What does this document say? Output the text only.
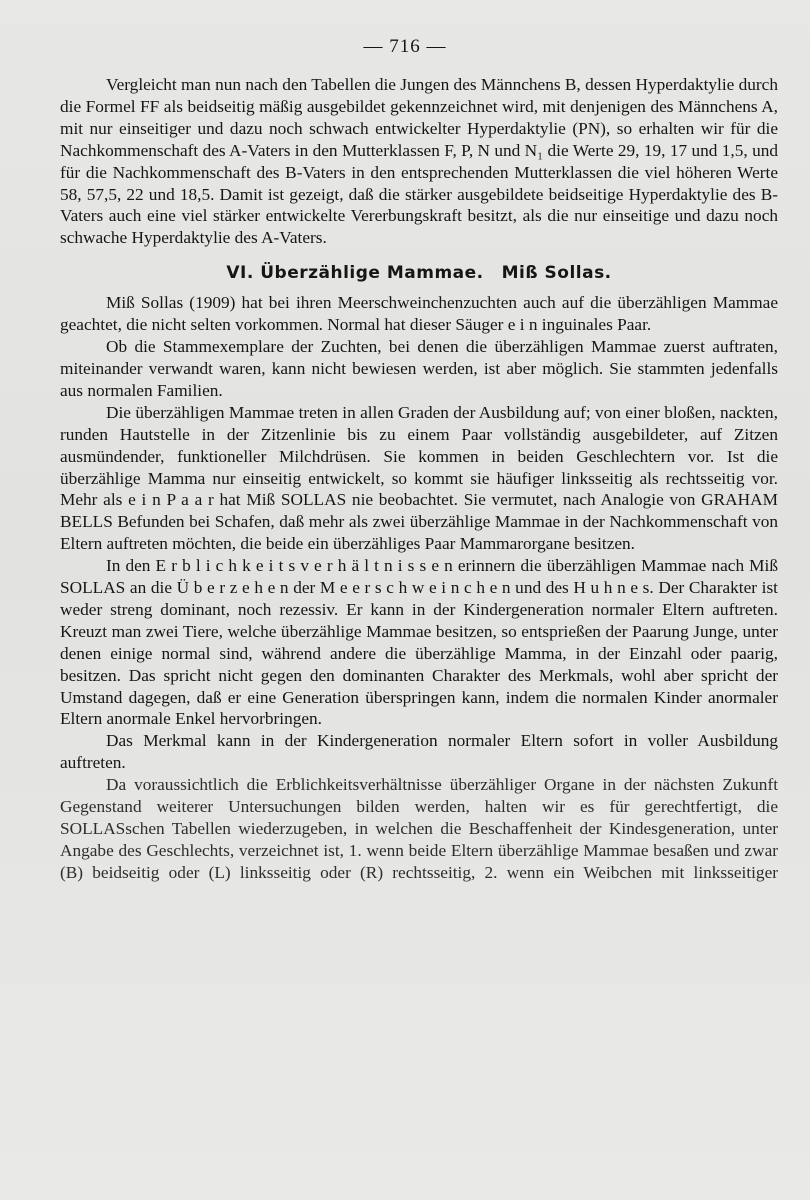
— 716 —

Vergleicht man nun nach den Tabellen die Jungen des Männchens B, dessen Hyperdaktylie durch die Formel FF als beidseitig mäßig ausgebildet gekennzeichnet wird, mit denjenigen des Männchens A, mit nur einseitiger und dazu noch schwach entwickelter Hyperdaktylie (PN), so erhalten wir für die Nachkommenschaft des A-Vaters in den Mutterklassen F, P, N und N₁ die Werte 29, 19, 17 und 1,5, und für die Nachkommenschaft des B-Vaters in den entsprechenden Mutterklassen die viel höheren Werte 58, 57,5, 22 und 18,5. Damit ist gezeigt, daß die stärker ausgebildete beidseitige Hyperdaktylie des B-Vaters auch eine viel stärker entwickelte Vererbungskraft besitzt, als die nur einseitige und dazu noch schwache Hyperdaktylie des A-Vaters.

VI. Überzählige Mammae. Miß Sollas.

Miß Sollas (1909) hat bei ihren Meerschweinchenzuchten auch auf die überzähligen Mammae geachtet, die nicht selten vorkommen. Normal hat dieser Säuger e i n inguinales Paar.

Ob die Stammexemplare der Zuchten, bei denen die überzähligen Mammae zuerst auftraten, miteinander verwandt waren, kann nicht bewiesen werden, ist aber möglich. Sie stammten jedenfalls aus normalen Familien.

Die überzähligen Mammae treten in allen Graden der Ausbildung auf; von einer bloßen, nackten, runden Hautstelle in der Zitzenlinie bis zu einem Paar vollständig ausgebildeter, auf Zitzen ausmündender, funktioneller Milchdrüsen. Sie kommen in beiden Geschlechtern vor. Ist die überzählige Mamma nur einseitig entwickelt, so kommt sie häufiger linksseitig als rechtsseitig vor. Mehr als e i n P a a r hat Miß SOLLAS nie beobachtet. Sie vermutet, nach Analogie von GRAHAM BELLS Befunden bei Schafen, daß mehr als zwei überzählige Mammae in der Nachkommenschaft von Eltern auftreten möchten, die beide ein überzähliges Paar Mammarorgane besitzen.

In den E r b l i c h k e i t s v e r h ä l t n i s s e n erinnern die überzähligen Mammae nach Miß SOLLAS an die Ü b e r z e h e n der M e e r s c h w e i n c h e n und des H u h n e s. Der Charakter ist weder streng dominant, noch rezessiv. Er kann in der Kindergeneration normaler Eltern auftreten. Kreuzt man zwei Tiere, welche überzählige Mammae besitzen, so entsprießen der Paarung Junge, unter denen einige normal sind, während andere die überzählige Mamma, in der Einzahl oder paarig, besitzen. Das spricht nicht gegen den dominanten Charakter des Merkmals, wohl aber spricht der Umstand dagegen, daß er eine Generation überspringen kann, indem die normalen Kinder anormaler Eltern anormale Enkel hervorbringen.

Das Merkmal kann in der Kindergeneration normaler Eltern sofort in voller Ausbildung auftreten.

Da voraussichtlich die Erblichkeitsverhältnisse überzähliger Organe in der nächsten Zukunft Gegenstand weiterer Untersuchungen bilden werden, halten wir es für gerechtfertigt, die SOLLASschen Tabellen wiederzugeben, in welchen die Beschaffenheit der Kindesgeneration, unter Angabe des Geschlechts, verzeichnet ist, 1. wenn beide Eltern überzählige Mammae besaßen und zwar (B) beidseitig oder (L) linksseitig oder (R) rechtsseitig, 2. wenn ein Weibchen mit linksseitiger
